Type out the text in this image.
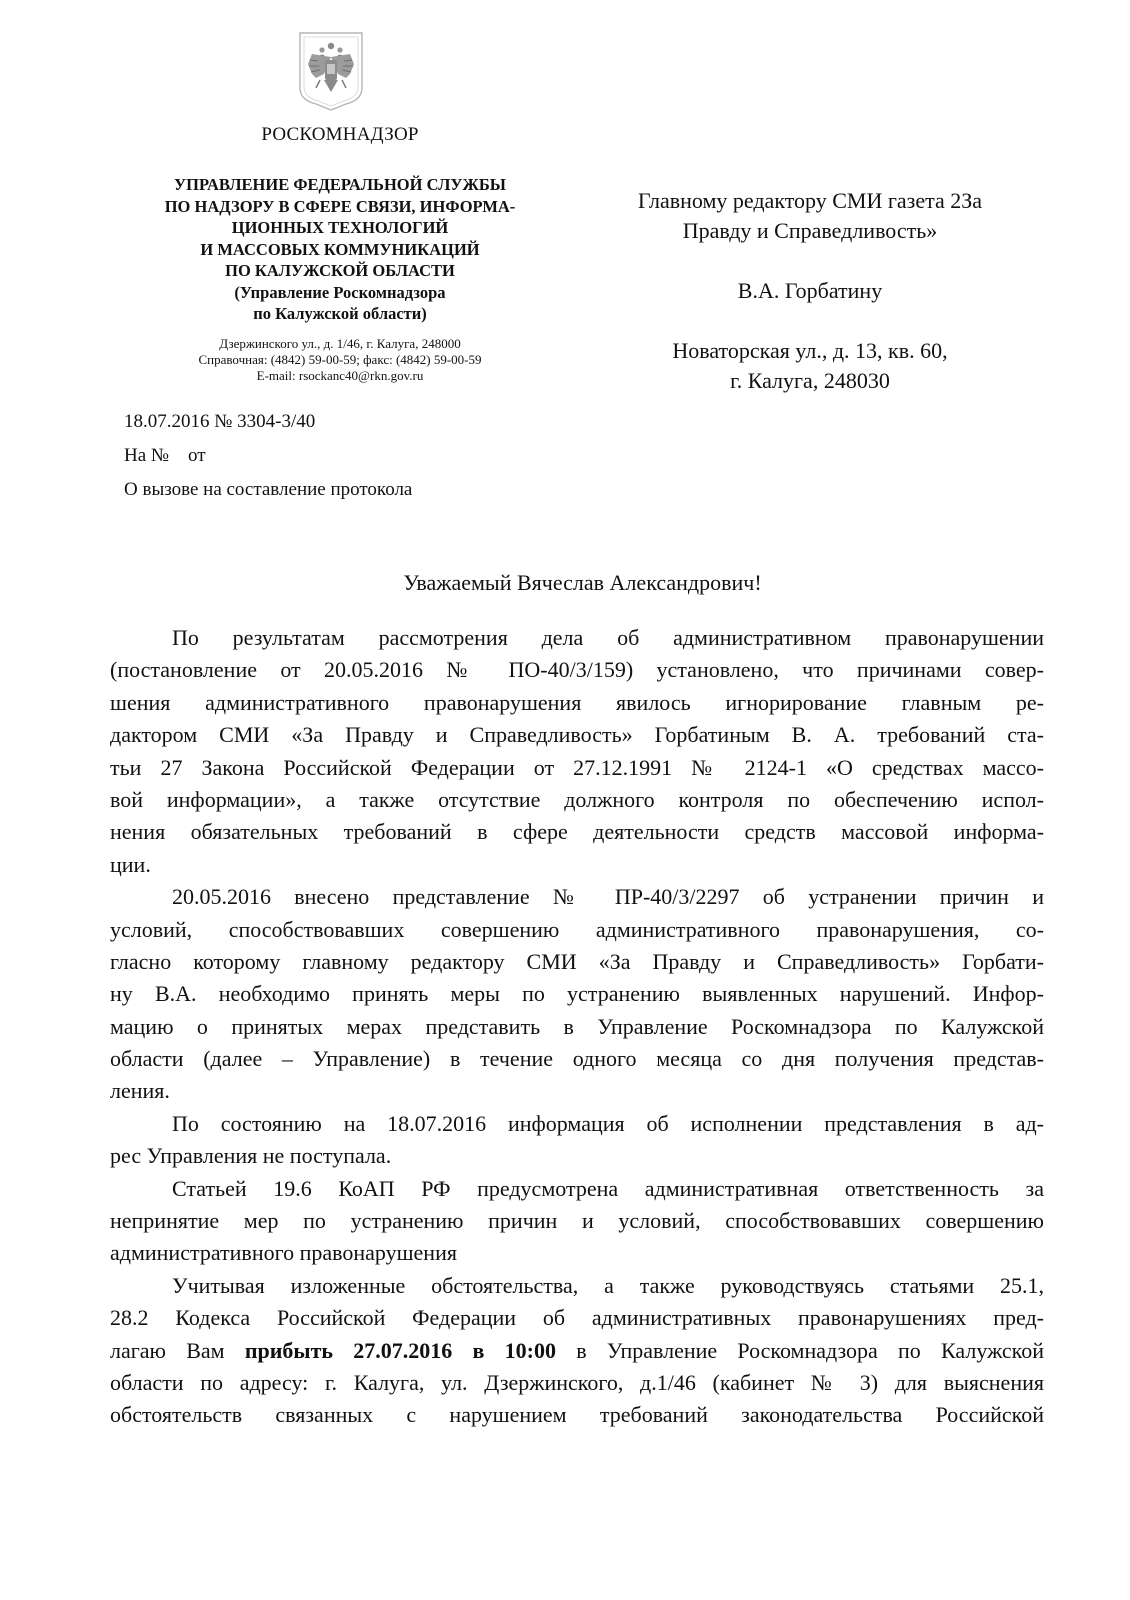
РОСКОМНАДЗОР
УПРАВЛЕНИЕ ФЕДЕРАЛЬНОЙ СЛУЖБЫ
ПО НАДЗОРУ В СФЕРЕ СВЯЗИ, ИНФОРМА-
ЦИОННЫХ ТЕХНОЛОГИЙ
И МАССОВЫХ КОММУНИКАЦИЙ
ПО КАЛУЖСКОЙ ОБЛАСТИ
(Управление Роскомнадзора
по Калужской области)
Дзержинского ул., д. 1/46, г. Калуга, 248000
Справочная: (4842) 59-00-59; факс: (4842) 59-00-59
E-mail: rsockanc40@rkn.gov.ru
18.07.2016 № 3304-3/40
На №    от
О вызове на составление протокола
Главному редактору СМИ газета 2За
Правду и Справедливость»
В.А. Горбатину
Новаторская ул., д. 13, кв. 60,
г. Калуга, 248030
Уважаемый Вячеслав Александрович!
По результатам рассмотрения дела об административном правонарушении
(постановление от 20.05.2016 № ПО-40/3/159) установлено, что причинами совер-
шения административного правонарушения явилось игнорирование главным ре-
дактором СМИ «За Правду и Справедливость» Горбатиным В. А. требований ста-
тьи 27 Закона Российской Федерации от 27.12.1991 № 2124-1 «О средствах массо-
вой информации», а также отсутствие должного контроля по обеспечению испол-
нения обязательных требований в сфере деятельности средств массовой информа-
ции.
20.05.2016 внесено представление № ПР-40/3/2297 об устранении причин и
условий, способствовавших совершению административного правонарушения, со-
гласно которому главному редактору СМИ «За Правду и Справедливость» Горбати-
ну В.А. необходимо принять меры по устранению выявленных нарушений. Инфор-
мацию о принятых мерах представить в Управление Роскомнадзора по Калужской
области (далее – Управление) в течение одного месяца со дня получения представ-
ления.
По состоянию на 18.07.2016 информация об исполнении представления в ад-
рес Управления не поступала.
Статьей 19.6 КоАП РФ предусмотрена административная ответственность за
непринятие мер по устранению причин и условий, способствовавших совершению
административного правонарушения
Учитывая изложенные обстоятельства, а также руководствуясь статьями 25.1,
28.2 Кодекса Российской Федерации об административных правонарушениях пред-
лагаю Вам прибыть 27.07.2016 в 10:00 в Управление Роскомнадзора по Калужской
области по адресу: г. Калуга, ул. Дзержинского, д.1/46 (кабинет № 3) для выяснения
обстоятельств связанных с нарушением требований законодательства Российской
